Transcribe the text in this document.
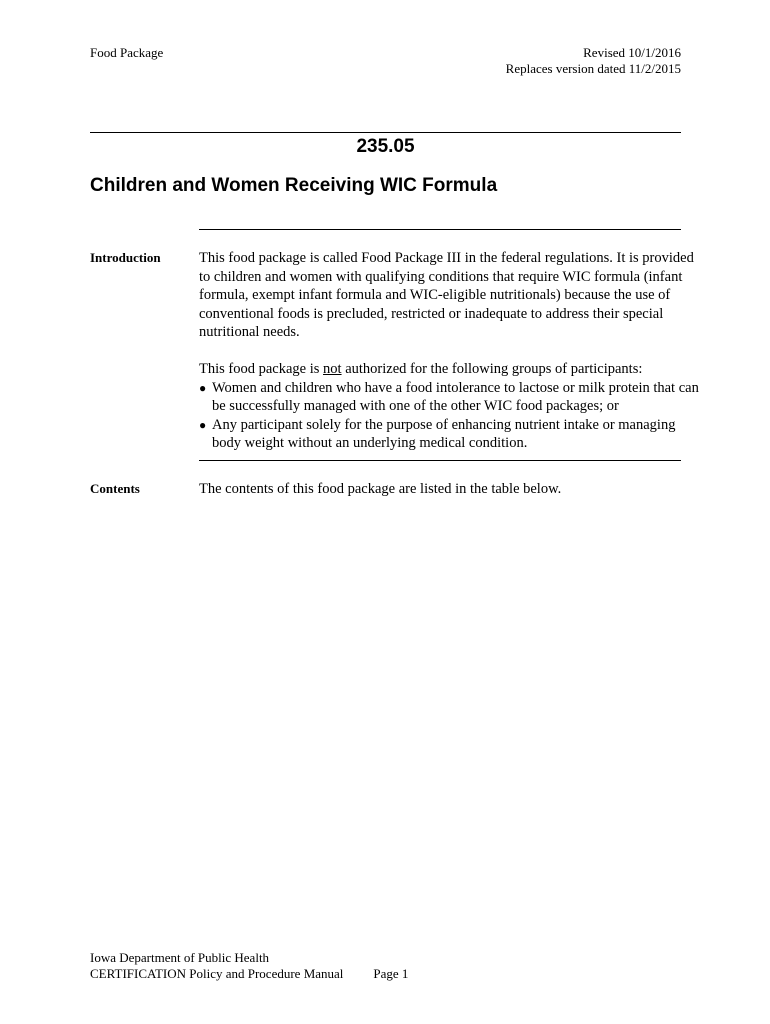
Food Package	Revised 10/1/2016
Replaces version dated 11/2/2015
235.05
Children and Women Receiving WIC Formula
Introduction	This food package is called Food Package III in the federal regulations. It is provided to children and women with qualifying conditions that require WIC formula (infant formula, exempt infant formula and WIC-eligible nutritionals) because the use of conventional foods is precluded, restricted or inadequate to address their special nutritional needs.

This food package is not authorized for the following groups of participants:

● Women and children who have a food intolerance to lactose or milk protein that can be successfully managed with one of the other WIC food packages; or
● Any participant solely for the purpose of enhancing nutrient intake or managing body weight without an underlying medical condition.
Contents	The contents of this food package are listed in the table below.
Iowa Department of Public Health
CERTIFICATION Policy and Procedure Manual Page 1
